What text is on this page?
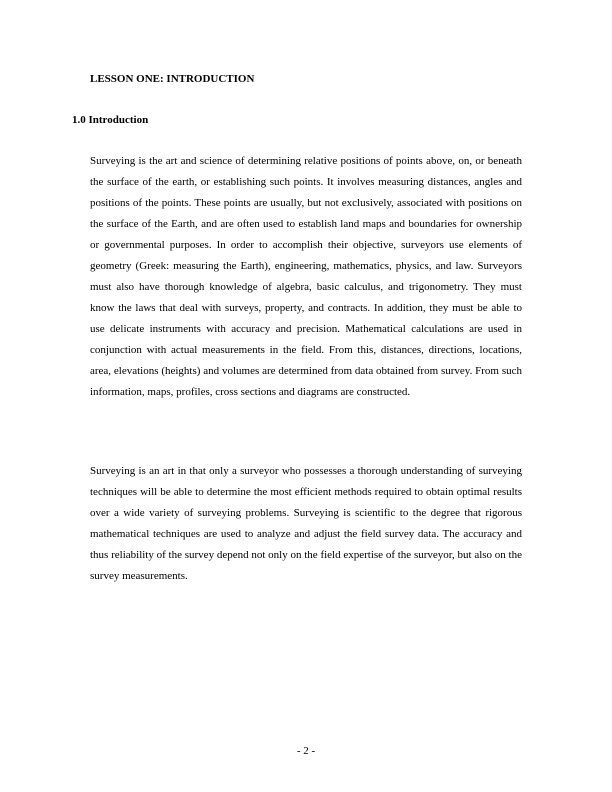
LESSON ONE: INTRODUCTION
1.0 Introduction

Surveying is the art and science of determining relative positions of points above, on, or beneath the surface of the earth, or establishing such points. It involves measuring distances, angles and positions of the points. These points are usually, but not exclusively, associated with positions on the surface of the Earth, and are often used to establish land maps and boundaries for ownership or governmental purposes. In order to accomplish their objective, surveyors use elements of geometry (Greek: measuring the Earth), engineering, mathematics, physics, and law. Surveyors must also have thorough knowledge of algebra, basic calculus, and trigonometry. They must know the laws that deal with surveys, property, and contracts. In addition, they must be able to use delicate instruments with accuracy and precision. Mathematical calculations are used in conjunction with actual measurements in the field. From this, distances, directions, locations, area, elevations (heights) and volumes are determined from data obtained from survey. From such information, maps, profiles, cross sections and diagrams are constructed.

Surveying is an art in that only a surveyor who possesses a thorough understanding of surveying techniques will be able to determine the most efficient methods required to obtain optimal results over a wide variety of surveying problems. Surveying is scientific to the degree that rigorous mathematical techniques are used to analyze and adjust the field survey data. The accuracy and thus reliability of the survey depend not only on the field expertise of the surveyor, but also on the survey measurements.

- 2 -
